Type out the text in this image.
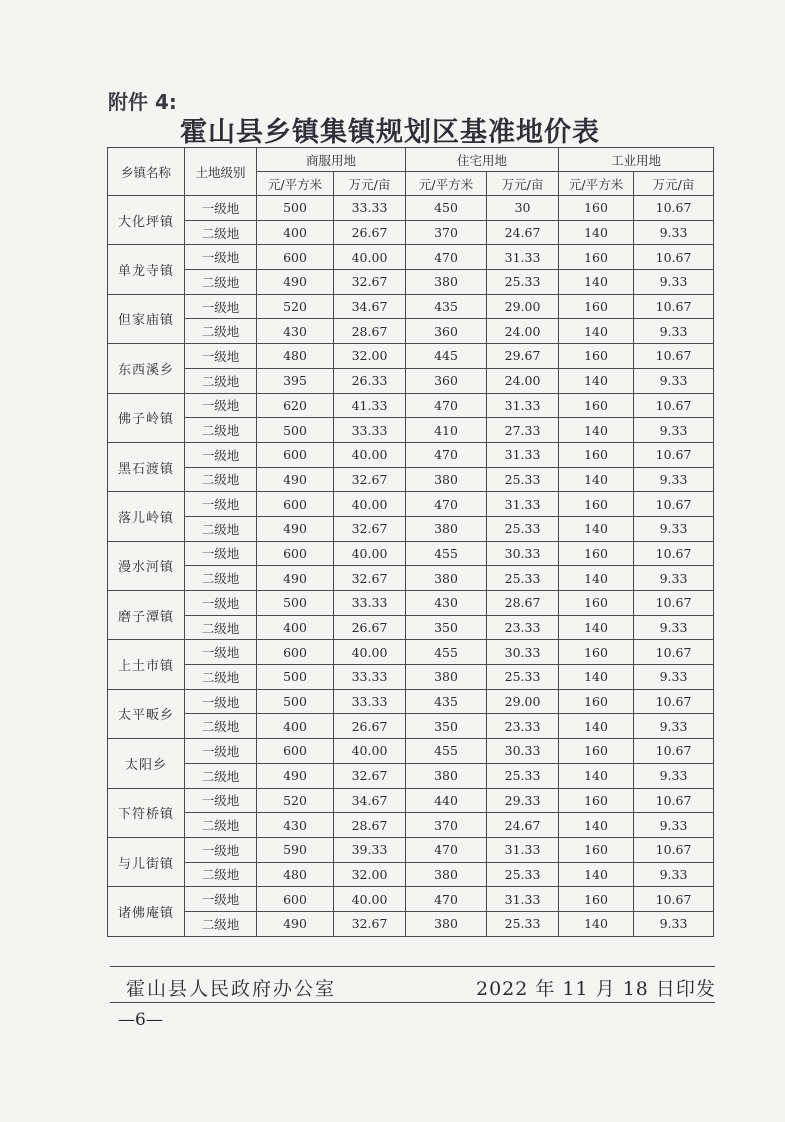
附件 4:
霍山县乡镇集镇规划区基准地价表
乡镇名称	土地级别	商服用地		住宅用地		工业用地	
		元/平方米	万元/亩	元/平方米	万元/亩	元/平方米	万元/亩
大化坪镇	一级地	500	33.33	450	30	160	10.67
	二级地	400	26.67	370	24.67	140	9.33
单龙寺镇	一级地	600	40.00	470	31.33	160	10.67
	二级地	490	32.67	380	25.33	140	9.33
但家庙镇	一级地	520	34.67	435	29.00	160	10.67
	二级地	430	28.67	360	24.00	140	9.33
东西溪乡	一级地	480	32.00	445	29.67	160	10.67
	二级地	395	26.33	360	24.00	140	9.33
佛子岭镇	一级地	620	41.33	470	31.33	160	10.67
	二级地	500	33.33	410	27.33	140	9.33
黑石渡镇	一级地	600	40.00	470	31.33	160	10.67
	二级地	490	32.67	380	25.33	140	9.33
落儿岭镇	一级地	600	40.00	470	31.33	160	10.67
	二级地	490	32.67	380	25.33	140	9.33
漫水河镇	一级地	600	40.00	455	30.33	160	10.67
	二级地	490	32.67	380	25.33	140	9.33
磨子潭镇	一级地	500	33.33	430	28.67	160	10.67
	二级地	400	26.67	350	23.33	140	9.33
上土市镇	一级地	600	40.00	455	30.33	160	10.67
	二级地	500	33.33	380	25.33	140	9.33
太平畈乡	一级地	500	33.33	435	29.00	160	10.67
	二级地	400	26.67	350	23.33	140	9.33
太阳乡	一级地	600	40.00	455	30.33	160	10.67
	二级地	490	32.67	380	25.33	140	9.33
下符桥镇	一级地	520	34.67	440	29.33	160	10.67
	二级地	430	28.67	370	24.67	140	9.33
与儿街镇	一级地	590	39.33	470	31.33	160	10.67
	二级地	480	32.00	380	25.33	140	9.33
诸佛庵镇	一级地	600	40.00	470	31.33	160	10.67
	二级地	490	32.67	380	25.33	140	9.33
霍山县人民政府办公室	2022 年 11 月 18 日印发
—6—
